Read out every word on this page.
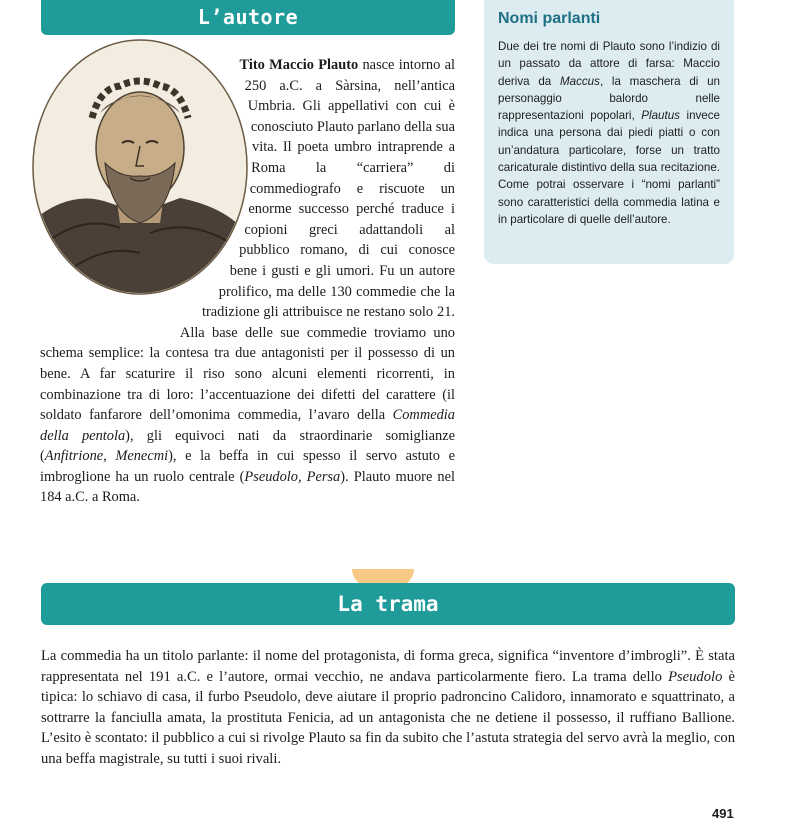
L’autore
Tito Maccio Plauto nasce intorno al 250 a.C. a Sàrsina, nell’antica Umbria. Gli appellativi con cui è conosciuto Plauto parlano della sua vita. Il poeta umbro intraprende a Roma la “carriera” di commediografo e riscuote un enorme successo perché traduce i copioni greci adattandoli al pubblico romano, di cui conosce bene i gusti e gli umori. Fu un autore prolifico, ma delle 130 commedie che la tradizione gli attribuisce ne restano solo 21. Alla base delle sue commedie troviamo uno schema semplice: la contesa tra due antagonisti per il possesso di un bene. A far scaturire il riso sono alcuni elementi ricorrenti, in combinazione tra di loro: l’accentuazione dei difetti del carattere (il soldato fanfarore dell’omonima commedia, l’avaro della Commedia della pentola), gli equivoci nati da straordinarie somiglianze (Anfitrione, Menecmi), e la beffa in cui spesso il servo astuto e imbroglione ha un ruolo centrale (Pseudolo, Persa). Plauto muore nel 184 a.C. a Roma.
Nomi parlanti
Due dei tre nomi di Plauto sono l’indizio di un passato da attore di farsa: Maccio deriva da Maccus, la maschera di un personaggio balordo nelle rappresentazioni popolari, Plautus invece indica una persona dai piedi piatti o con un’andatura particolare, forse un tratto caricaturale distintivo della sua recitazione. Come potrai osservare i “nomi parlanti” sono caratteristici della commedia latina e in particolare di quelle dell’autore.
La trama
La commedia ha un titolo parlante: il nome del protagonista, di forma greca, significa “inventore d’imbrogli”. È stata rappresentata nel 191 a.C. e l’autore, ormai vecchio, ne andava particolarmente fiero. La trama dello Pseudolo è tipica: lo schiavo di casa, il furbo Pseudolo, deve aiutare il proprio padroncino Calidoro, innamorato e squattrinato, a sottrarre la fanciulla amata, la prostituta Fenicia, ad un antagonista che ne detiene il possesso, il ruffiano Ballione. L’esito è scontato: il pubblico a cui si rivolge Plauto sa fin da subito che l’astuta strategia del servo avrà la meglio, con una beffa magistrale, su tutti i suoi rivali.
491
